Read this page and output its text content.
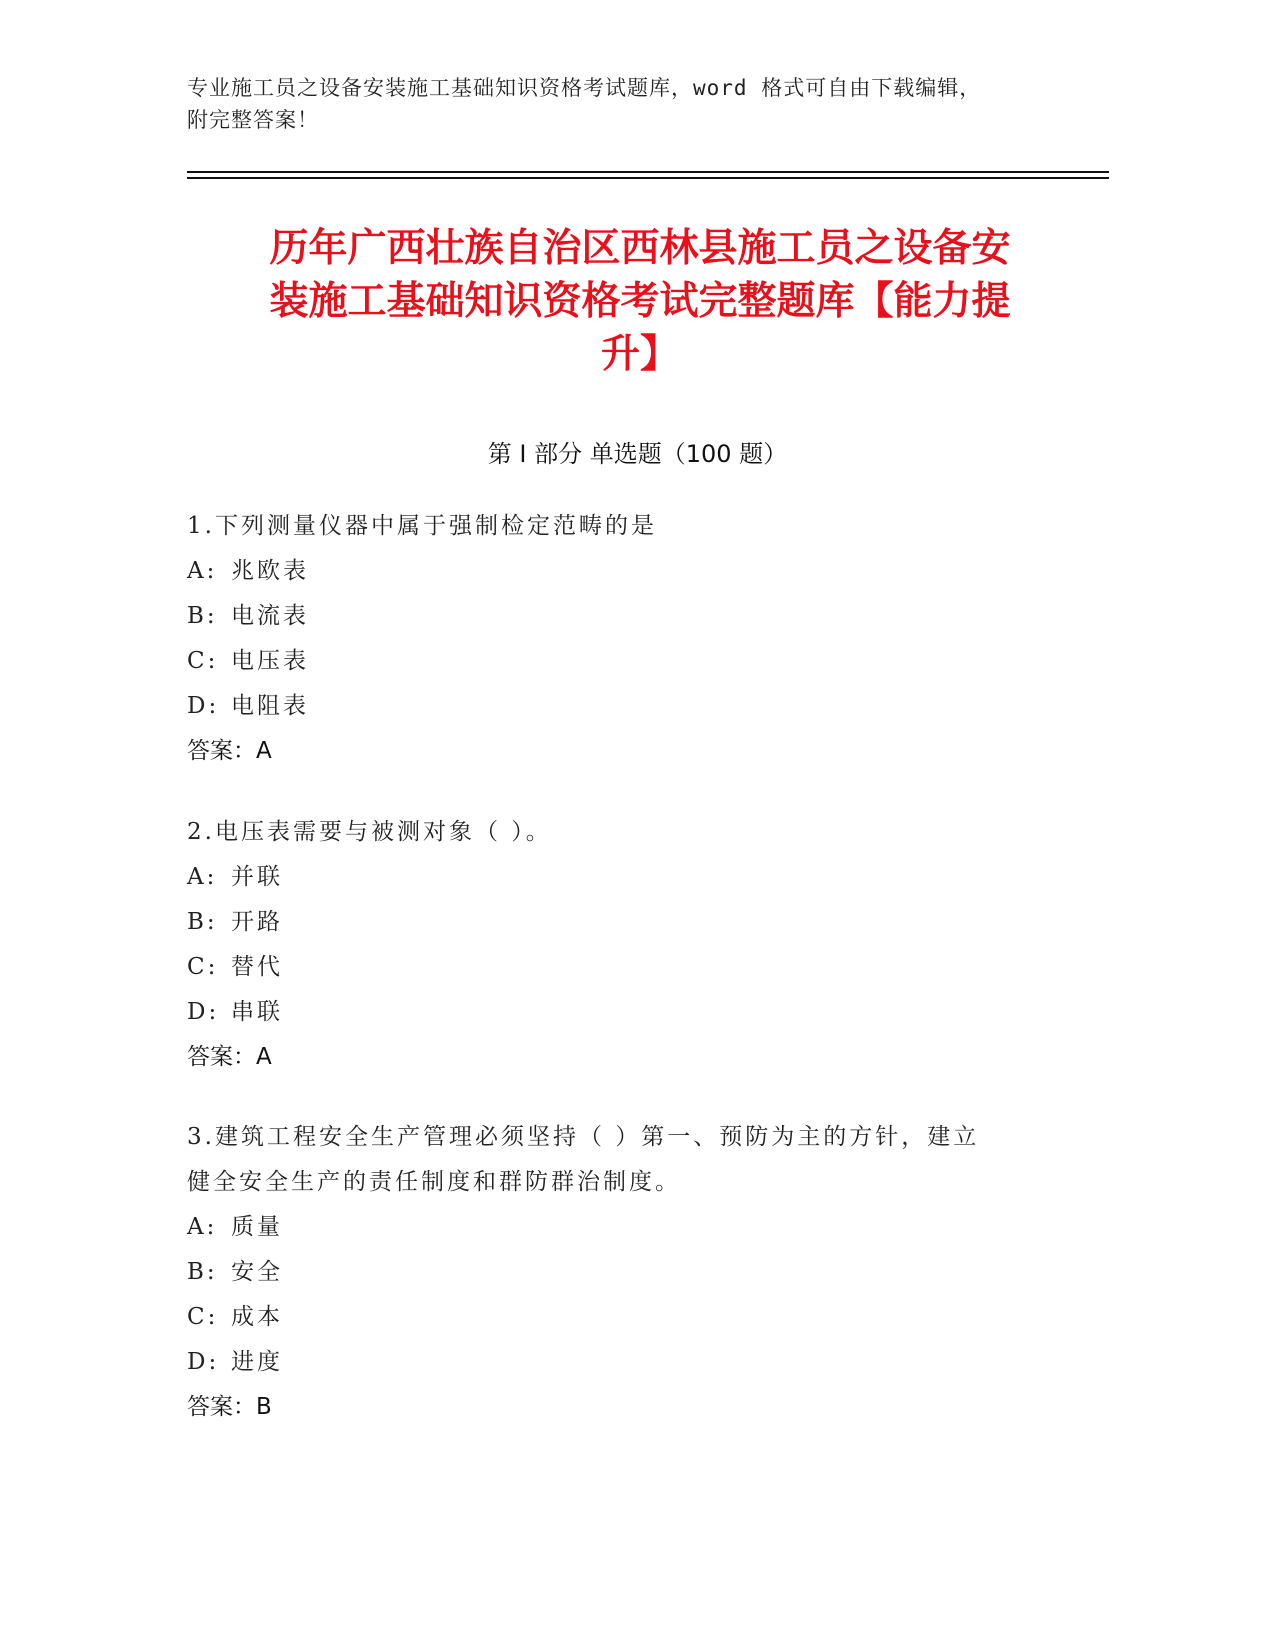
专业施工员之设备安装施工基础知识资格考试题库，word 格式可自由下载编辑，
附完整答案！
历年广西壮族自治区西林县施工员之设备安
装施工基础知识资格考试完整题库【能力提
升】
第 I 部分 单选题（100 题）
1.下列测量仪器中属于强制检定范畴的是
A: 兆欧表
B: 电流表
C: 电压表
D: 电阻表
答案：A
2.电压表需要与被测对象（ ）。
A: 并联
B: 开路
C: 替代
D: 串联
答案：A
3.建筑工程安全生产管理必须坚持（ ）第一、预防为主的方针，建立
健全安全生产的责任制度和群防群治制度。
A: 质量
B: 安全
C: 成本
D: 进度
答案：B
